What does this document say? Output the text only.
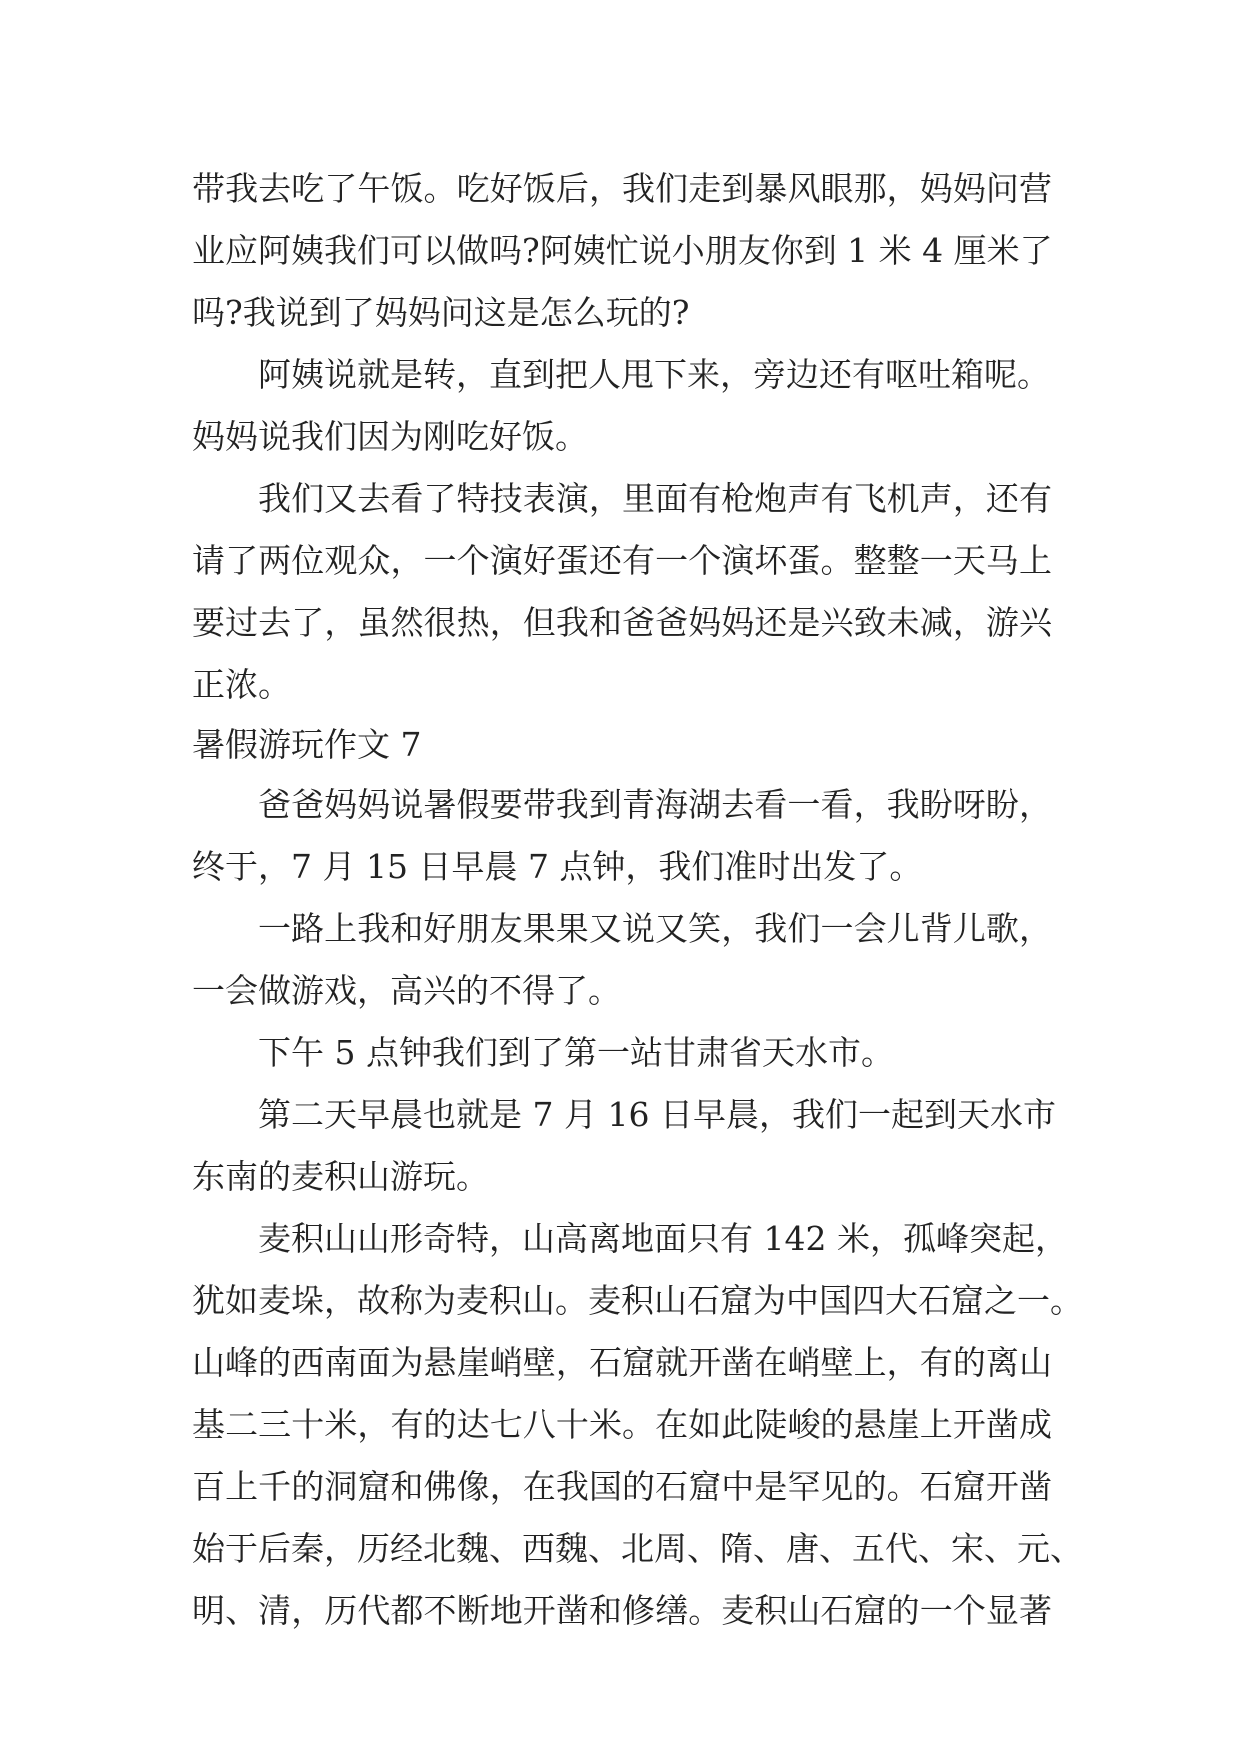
带我去吃了午饭。吃好饭后，我们走到暴风眼那，妈妈问营
业应阿姨我们可以做吗?阿姨忙说小朋友你到 1 米 4 厘米了
吗?我说到了妈妈问这是怎么玩的?
阿姨说就是转，直到把人甩下来，旁边还有呕吐箱呢。
妈妈说我们因为刚吃好饭。
我们又去看了特技表演，里面有枪炮声有飞机声，还有
请了两位观众，一个演好蛋还有一个演坏蛋。整整一天马上
要过去了，虽然很热，但我和爸爸妈妈还是兴致未减，游兴
正浓。
暑假游玩作文 7
爸爸妈妈说暑假要带我到青海湖去看一看，我盼呀盼，
终于，7 月 15 日早晨 7 点钟，我们准时出发了。
一路上我和好朋友果果又说又笑，我们一会儿背儿歌，
一会做游戏，高兴的不得了。
下午 5 点钟我们到了第一站甘肃省天水市。
第二天早晨也就是 7 月 16 日早晨，我们一起到天水市
东南的麦积山游玩。
麦积山山形奇特，山高离地面只有 142 米，孤峰突起，
犹如麦垛，故称为麦积山。麦积山石窟为中国四大石窟之一。
山峰的西南面为悬崖峭壁，石窟就开凿在峭壁上，有的离山
基二三十米，有的达七八十米。在如此陡峻的悬崖上开凿成
百上千的洞窟和佛像，在我国的石窟中是罕见的。石窟开凿
始于后秦，历经北魏、西魏、北周、隋、唐、五代、宋、元、
明、清，历代都不断地开凿和修缮。麦积山石窟的一个显著
